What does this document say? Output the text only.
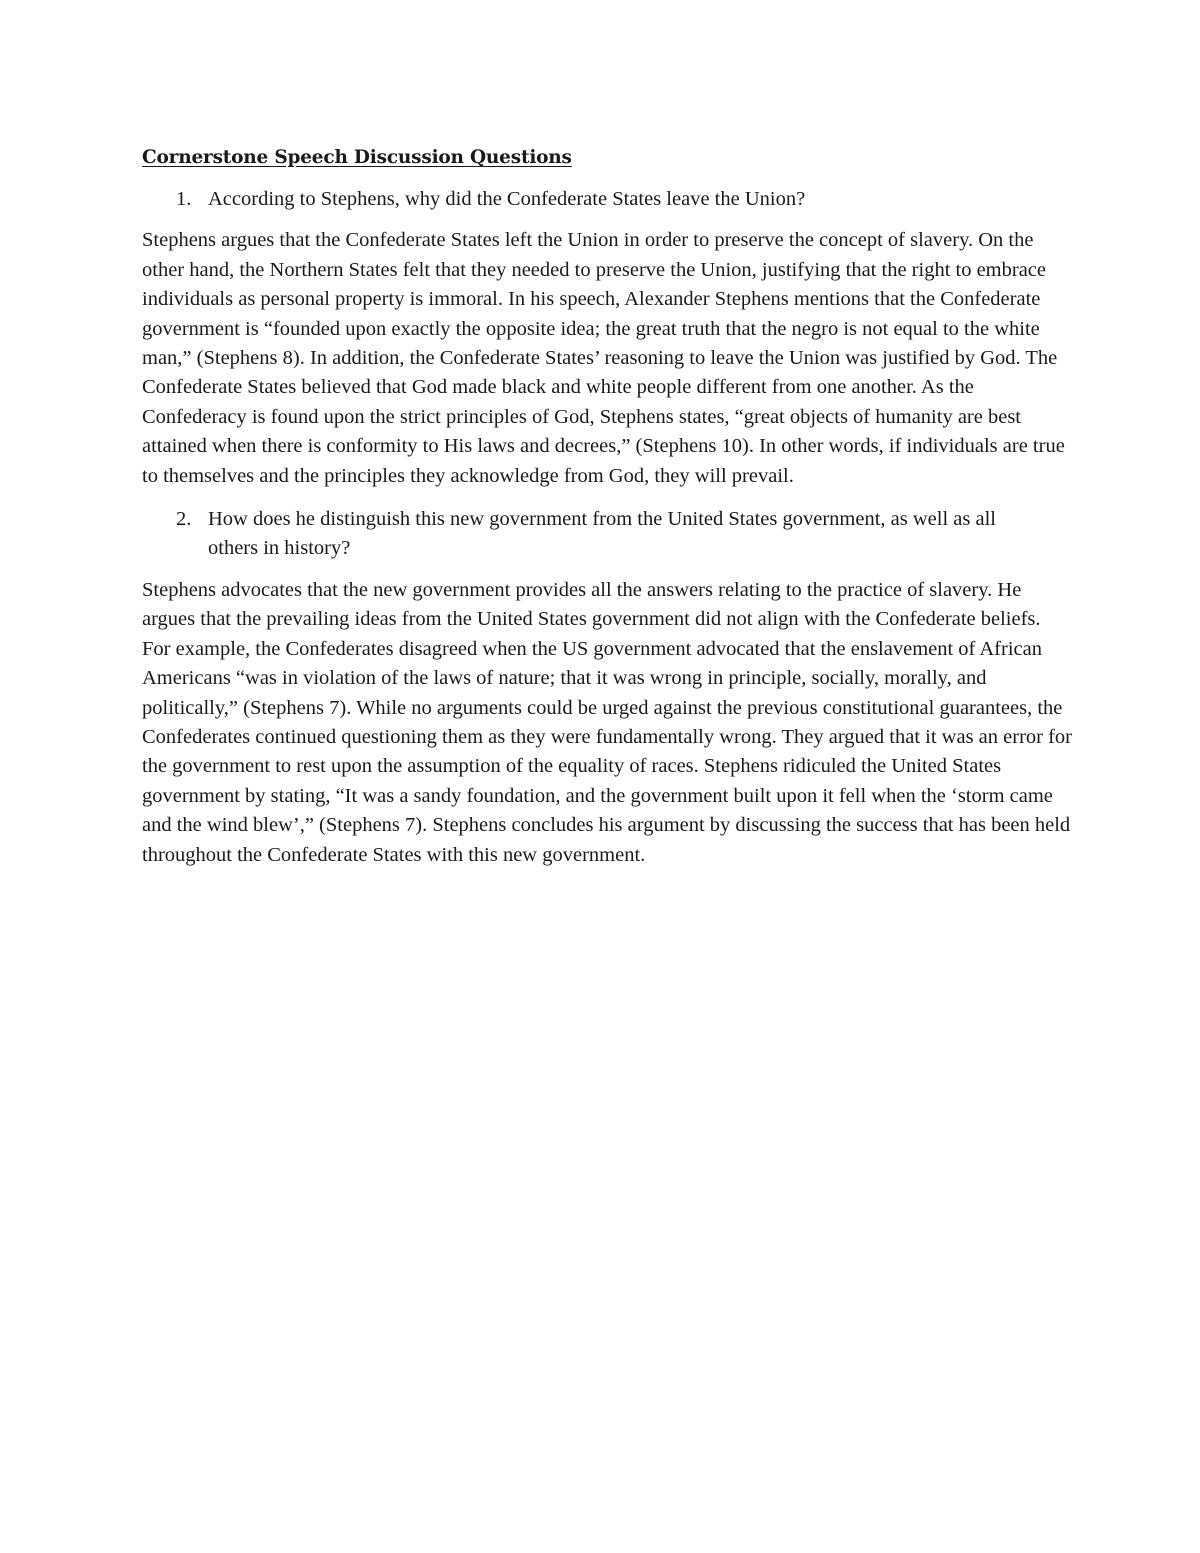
Cornerstone Speech Discussion Questions
1. According to Stephens, why did the Confederate States leave the Union?

Stephens argues that the Confederate States left the Union in order to preserve the concept of slavery. On the other hand, the Northern States felt that they needed to preserve the Union, justifying that the right to embrace individuals as personal property is immoral. In his speech, Alexander Stephens mentions that the Confederate government is “founded upon exactly the opposite idea; the great truth that the negro is not equal to the white man,” (Stephens 8). In addition, the Confederate States’ reasoning to leave the Union was justified by God. The Confederate States believed that God made black and white people different from one another. As the Confederacy is found upon the strict principles of God, Stephens states, “great objects of humanity are best attained when there is conformity to His laws and decrees,” (Stephens 10). In other words, if individuals are true to themselves and the principles they acknowledge from God, they will prevail.

2. How does he distinguish this new government from the United States government, as well as all others in history?

Stephens advocates that the new government provides all the answers relating to the practice of slavery. He argues that the prevailing ideas from the United States government did not align with the Confederate beliefs. For example, the Confederates disagreed when the US government advocated that the enslavement of African Americans “was in violation of the laws of nature; that it was wrong in principle, socially, morally, and politically,” (Stephens 7). While no arguments could be urged against the previous constitutional guarantees, the Confederates continued questioning them as they were fundamentally wrong. They argued that it was an error for the government to rest upon the assumption of the equality of races. Stephens ridiculed the United States government by stating, “It was a sandy foundation, and the government built upon it fell when the ‘storm came and the wind blew’,” (Stephens 7). Stephens concludes his argument by discussing the success that has been held throughout the Confederate States with this new government.
